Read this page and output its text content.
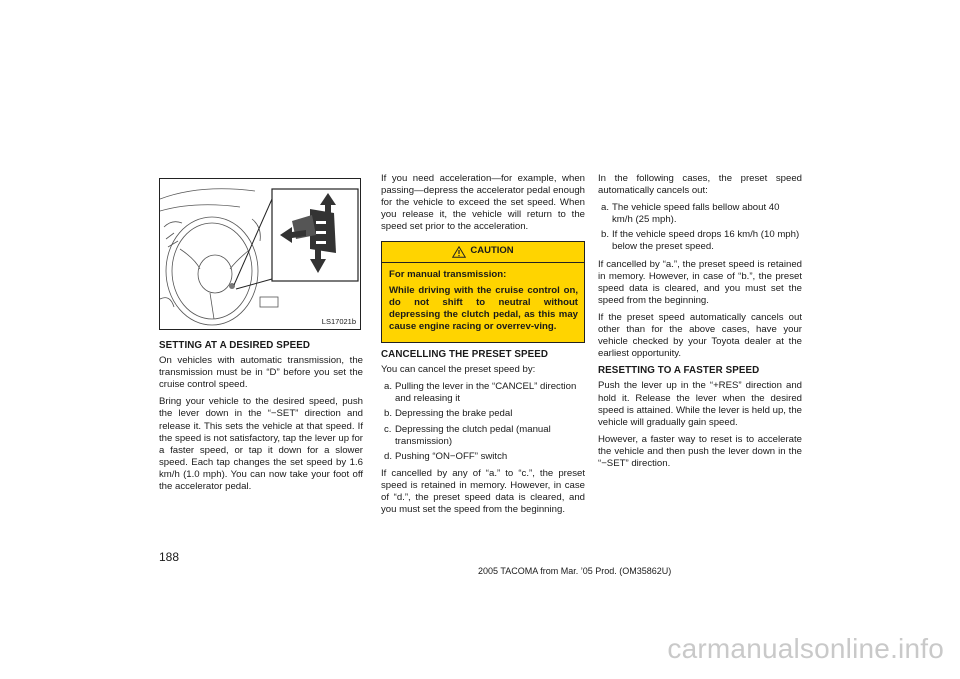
LS17021b
SETTING AT A DESIRED SPEED

On vehicles with automatic transmission, the transmission must be in “D” before you set the cruise control speed.

Bring your vehicle to the desired speed, push the lever down in the “−SET” direction and release it. This sets the vehicle at that speed. If the speed is not satisfactory, tap the lever up for a faster speed, or tap it down for a slower speed. Each tap changes the set speed by 1.6 km/h (1.0 mph). You can now take your foot off the accelerator pedal.

If you need acceleration—for example, when passing—depress the accelerator pedal enough for the vehicle to exceed the set speed. When you release it, the vehicle will return to the speed set prior to the acceleration.

CAUTION

For manual transmission:

While driving with the cruise control on, do not shift to neutral without depressing the clutch pedal, as this may cause engine racing or overrev-ving.

CANCELLING THE PRESET SPEED

You can cancel the preset speed by:

a. Pulling the lever in the “CANCEL” direction and releasing it
b. Depressing the brake pedal
c. Depressing the clutch pedal (manual transmission)
d. Pushing “ON−OFF” switch

If cancelled by any of “a.” to “c.”, the preset speed is retained in memory. However, in case of “d.”, the preset speed data is cleared, and you must set the speed from the beginning.

In the following cases, the preset speed automatically cancels out:

a. The vehicle speed falls bellow about 40 km/h (25 mph).
b. If the vehicle speed drops 16 km/h (10 mph) below the preset speed.

If cancelled by “a.”, the preset speed is retained in memory. However, in case of “b.”, the preset speed data is cleared, and you must set the speed from the beginning.

If the preset speed automatically cancels out other than for the above cases, have your vehicle checked by your Toyota dealer at the earliest opportunity.

RESETTING TO A FASTER SPEED

Push the lever up in the “+RES” direction and hold it. Release the lever when the desired speed is attained. While the lever is held up, the vehicle will gradually gain speed.

However, a faster way to reset is to accelerate the vehicle and then push the lever down in the “−SET” direction.

188
2005 TACOMA from Mar. ’05 Prod. (OM35862U)
carmanualsonline.info
